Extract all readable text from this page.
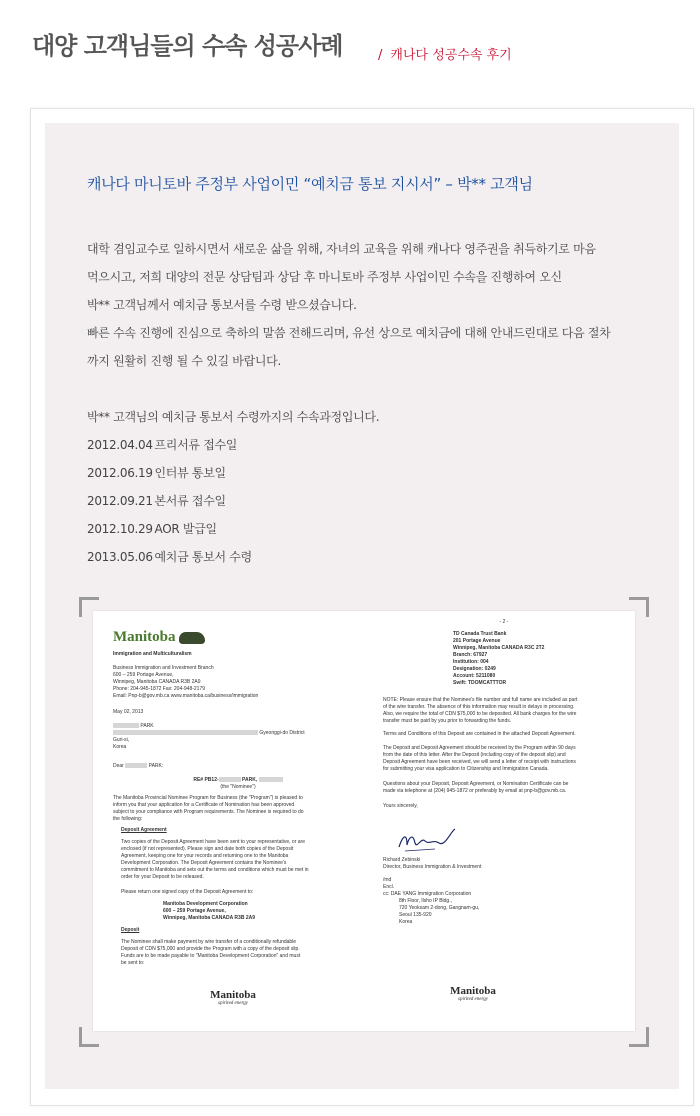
대양 고객님들의 수속 성공사례	/ 캐나다 성공수속 후기
캐나다 마니토바 주정부 사업이민 “예치금 통보 지시서” – 박** 고객님

대학 겸임교수로 일하시면서 새로운 삶을 위해, 자녀의 교육을 위해 캐나다 영주권을 취득하기로 마음

먹으시고, 저희 대양의 전문 상담팀과 상담 후 마니토바 주정부 사업이민 수속을 진행하여 오신

박** 고객님께서 예치금 통보서를 수령 받으셨습니다.

빠른 수속 진행에 진심으로 축하의 말씀 전해드리며, 유선 상으로 예치금에 대해 안내드린대로 다음 절차

까지 원활히 진행 될 수 있길 바랍니다.

박** 고객님의 예치금 통보서 수령까지의 수속과정입니다.

2012.04.04 프리서류 접수일

2012.06.19 인터뷰 통보일

2012.09.21 본서류 접수일

2012.10.29 AOR 발급일

2013.05.06 예치금 통보서 수령

Manitoba
Immigration and Multiculturalism
Business Immigration and Investment Branch
600 – 259 Portage Avenue,
Winnipeg, Manitoba CANADA R3B 2A9
Phone: 204-945-1872 Fax: 204-948-2179
Email: Pnp-b@gov.mb.ca www.manitoba.ca/business/immigration
May 02, 2013
PARK
Gyeonggi-do District
Guri-si,
Korea
Dear	PARK:
RE# PB12-	PARK,
(the "Nominee")
The Manitoba Provincial Nominee Program for Business (the "Program") is pleased to
inform you that your application for a Certificate of Nomination has been approved
subject to your compliance with Program requirements. The Nominee is required to do
the following:
Deposit Agreement
Two copies of the Deposit Agreement have been sent to your representative, or are
enclosed (if not represented). Please sign and date both copies of the Deposit
Agreement, keeping one for your records and returning one to the Manitoba
Development Corporation. The Deposit Agreement contains the Nominee's
commitment to Manitoba and sets out the terms and conditions which must be met in
order for your Deposit to be released.
Please return one signed copy of the Deposit Agreement to:
Manitoba Development Corporation
600 – 259 Portage Avenue,
Winnipeg, Manitoba CANADA R3B 2A9
Deposit
The Nominee shall make payment by wire transfer of a conditionally refundable
Deposit of CDN $75,000 and provide the Program with a copy of the deposit slip.
Funds are to be made payable to "Manitoba Development Corporation" and must
be sent to:
Manitoba
spirited energy
- 2 -
TD Canada Trust Bank
201 Portage Avenue
Winnipeg, Manitoba CANADA R3C 2T2
Branch: 67927
Institution: 004
Designation: 0249
Account: 5211080
Swift: TDOMCATTTOR
NOTE: Please ensure that the Nominee's file number and full name are included as part
of the wire transfer. The absence of this information may result in delays in processing.
Also, we require the total of CDN $75,000 to be deposited. All bank charges for the wire
transfer must be paid by you prior to forwarding the funds.
Terms and Conditions of this Deposit are contained in the attached Deposit Agreement.
The Deposit and Deposit Agreement should be received by the Program within 90 days
from the date of this letter. After the Deposit (including copy of the deposit slip) and
Deposit Agreement have been received, we will send a letter of receipt with instructions
for submitting your visa application to Citizenship and Immigration Canada.
Questions about your Deposit, Deposit Agreement, or Nomination Certificate can be
made via telephone at (204) 945-1872 or preferably by email at pnp-b@gov.mb.ca.
Yours sincerely,
Richard Zebinski
Director, Business Immigration & Investment
/md
Encl.
cc: DAE YANG Immigration Corporation
8th Floor, Ilsho IP Bldg.,
720 Yeoksam 2-dong, Gangnam-gu,
Seoul 135-920
Korea
Manitoba
spirited energy
